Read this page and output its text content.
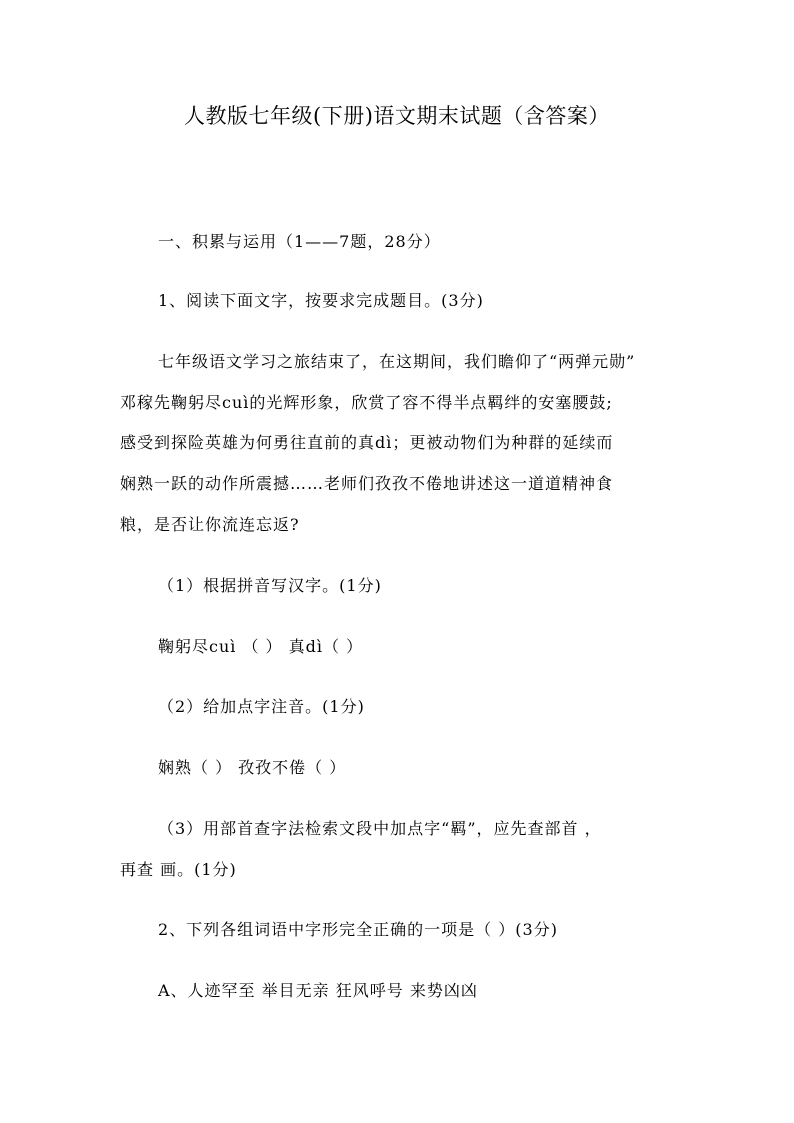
人教版七年级(下册)语文期末试题（含答案）
一、积累与运用（1——7题，28分）
1、阅读下面文字，按要求完成题目。(3分)
七年级语文学习之旅结束了，在这期间，我们瞻仰了“两弹元勋”
邓稼先鞠躬尽cuì的光辉形象，欣赏了容不得半点羁绊的安塞腰鼓;
感受到探险英雄为何勇往直前的真dì；更被动物们为种群的延续而
娴熟一跃的动作所震撼……老师们孜孜不倦地讲述这一道道精神食
粮，是否让你流连忘返?
（1）根据拼音写汉字。(1分)
鞠躬尽cuì （ ） 真dì（ ）
（2）给加点字注音。(1分)
娴熟（ ） 孜孜不倦（ ）
（3）用部首查字法检索文段中加点字“羁”，应先查部首 ，
再查 画。(1分)
2、下列各组词语中字形完全正确的一项是（ ）(3分)
A、人迹罕至 举目无亲 狂风呼号 来势凶凶
